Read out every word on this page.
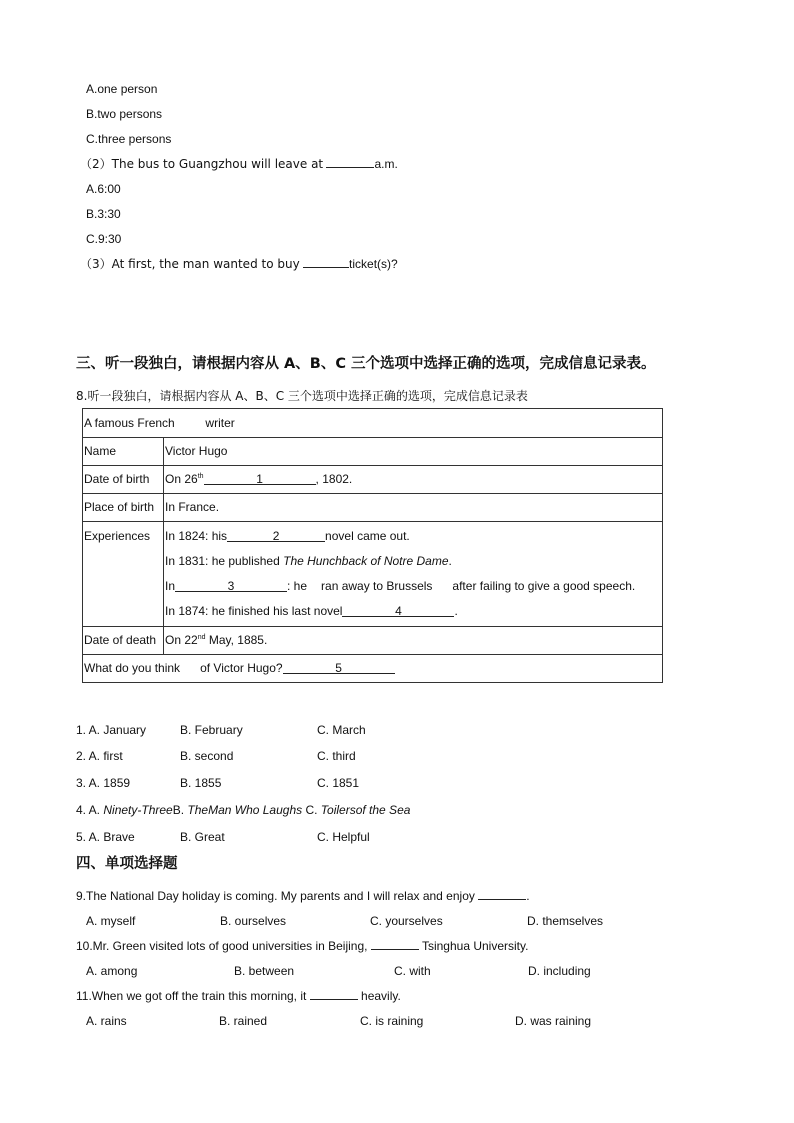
A.one person
B.two persons
C.three persons
（2）The bus to Guangzhou will leave at	a.m.
A.6:00
B.3:30
C.9:30
（3）At first, the man wanted to buy	ticket(s)?
三、听一段独白，请根据内容从 A、B、C 三个选项中选择正确的选项，完成信息记录表。
8.听一段独白，请根据内容从 A、B、C 三个选项中选择正确的选项，完成信息记录表
A famous French writer	
Name	Victor Hugo
Date of birth	On 26th 1 , 1802.
Place of birth	In France.
Experiences	In 1824: his 2 novel came out.
In 1831: he published The Hunchback of Notre Dame.
In 3 : he ran away to Brussels after failing to give a good speech.
In 1874: he finished his last novel 4 .

Date of death	On 22nd May, 1885.
What do you think of Victor Hugo? 5	
1. A. January	B. February	C. March
2. A. first	B. second	C. third
3. A. 1859	B. 1855	C. 1851
4. A. Ninety-ThreeB. TheMan Who Laughs C. Toilersof the Sea
5. A. Brave	B. Great	C. Helpful
四、单项选择题
9.The National Day holiday is coming. My parents and I will relax and enjoy	.
A. myself	B. ourselves	C. yourselves	D. themselves
10.Mr. Green visited lots of good universities in Beijing,	Tsinghua University.
A. among	B. between	C. with	D. including
11.When we got off the train this morning, it	heavily.
A. rains	B. rained	C. is raining	D. was raining
